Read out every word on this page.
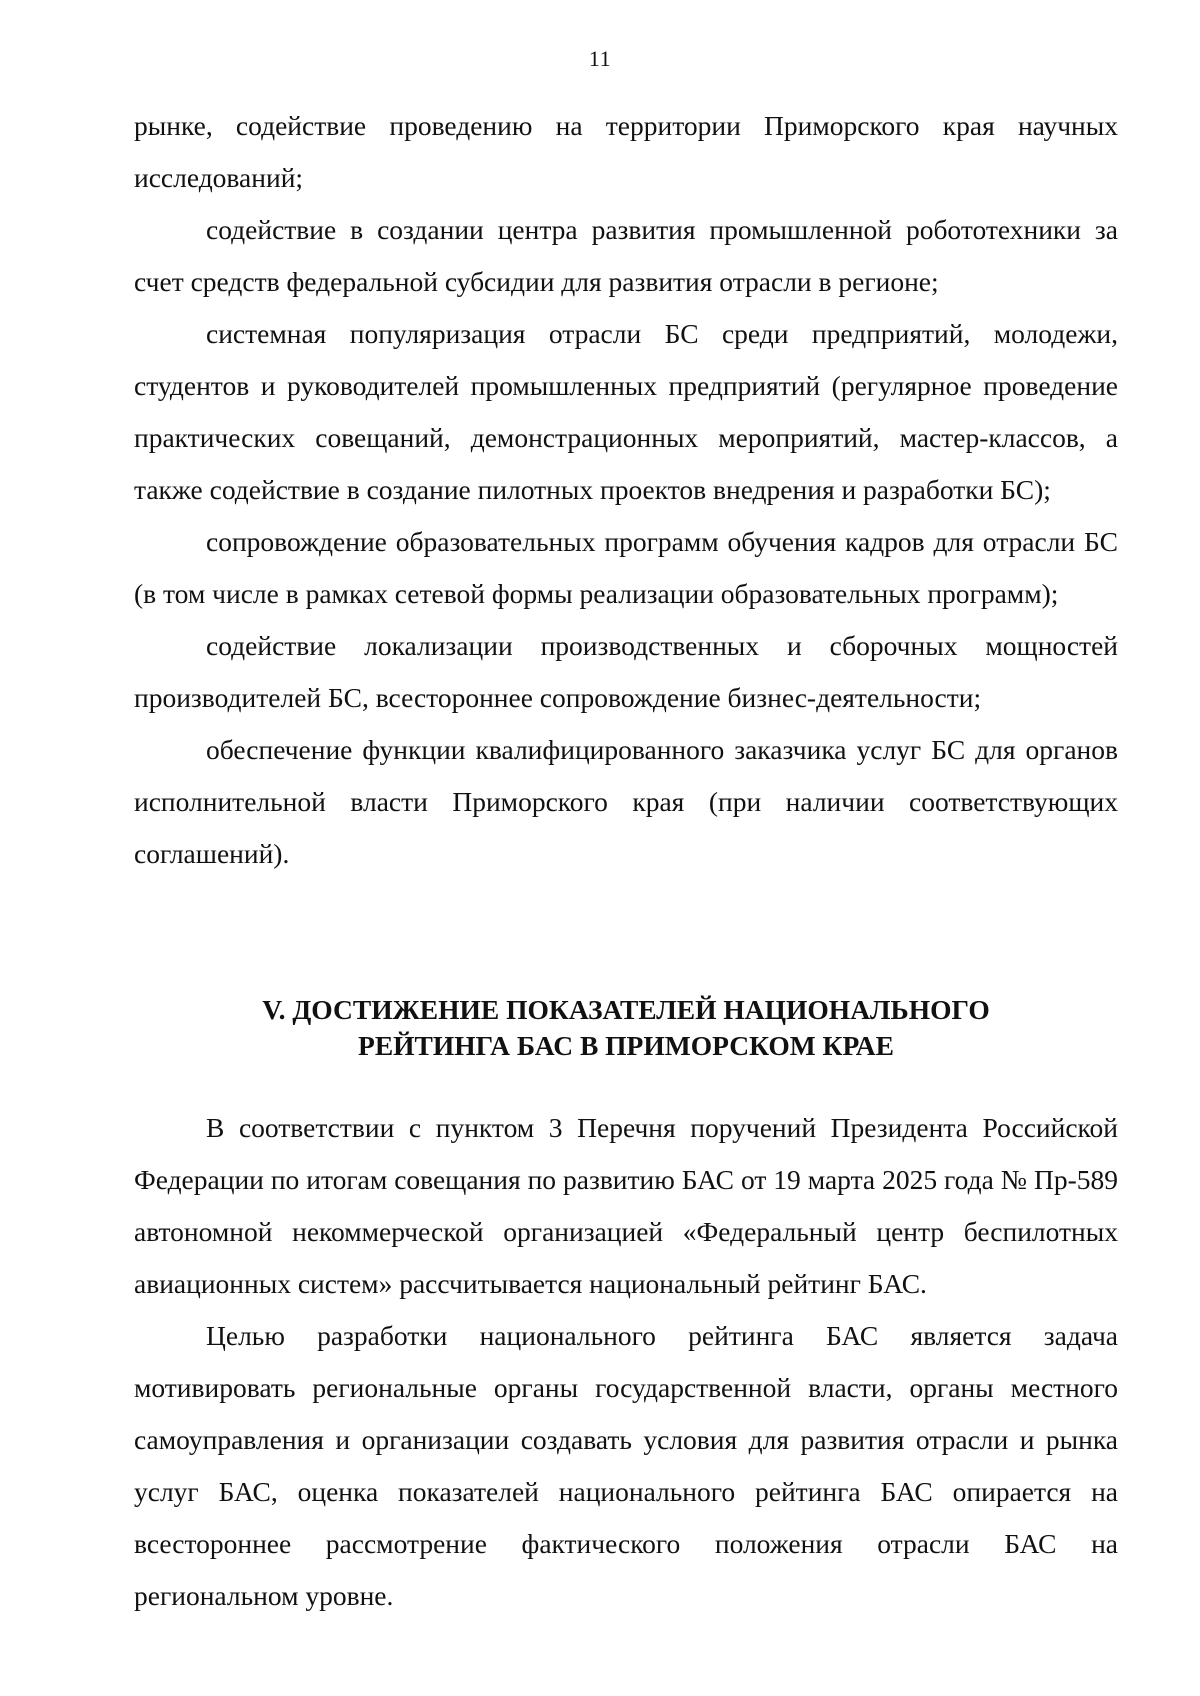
11

рынке, содействие проведению на территории Приморского края научных исследований;

содействие в создании центра развития промышленной робототехники за счет средств федеральной субсидии для развития отрасли в регионе;

системная популяризация отрасли БС среди предприятий, молодежи, студентов и руководителей промышленных предприятий (регулярное проведение практических совещаний, демонстрационных мероприятий, мастер-классов, а также содействие в создание пилотных проектов внедрения и разработки БС);

сопровождение образовательных программ обучения кадров для отрасли БС (в том числе в рамках сетевой формы реализации образовательных программ);

содействие локализации производственных и сборочных мощностей производителей БС, всестороннее сопровождение бизнес-деятельности;

обеспечение функции квалифицированного заказчика услуг БС для органов исполнительной власти Приморского края (при наличии соответствующих соглашений).

V. ДОСТИЖЕНИЕ ПОКАЗАТЕЛЕЙ НАЦИОНАЛЬНОГО
РЕЙТИНГА БАС В ПРИМОРСКОМ КРАЕ

В соответствии с пунктом 3 Перечня поручений Президента Российской Федерации по итогам совещания по развитию БАС от 19 марта 2025 года № Пр-589 автономной некоммерческой организацией «Федеральный центр беспилотных авиационных систем» рассчитывается национальный рейтинг БАС.

Целью разработки национального рейтинга БАС является задача мотивировать региональные органы государственной власти, органы местного самоуправления и организации создавать условия для развития отрасли и рынка услуг БАС, оценка показателей национального рейтинга БАС опирается на всестороннее рассмотрение фактического положения отрасли БАС на региональном уровне.
